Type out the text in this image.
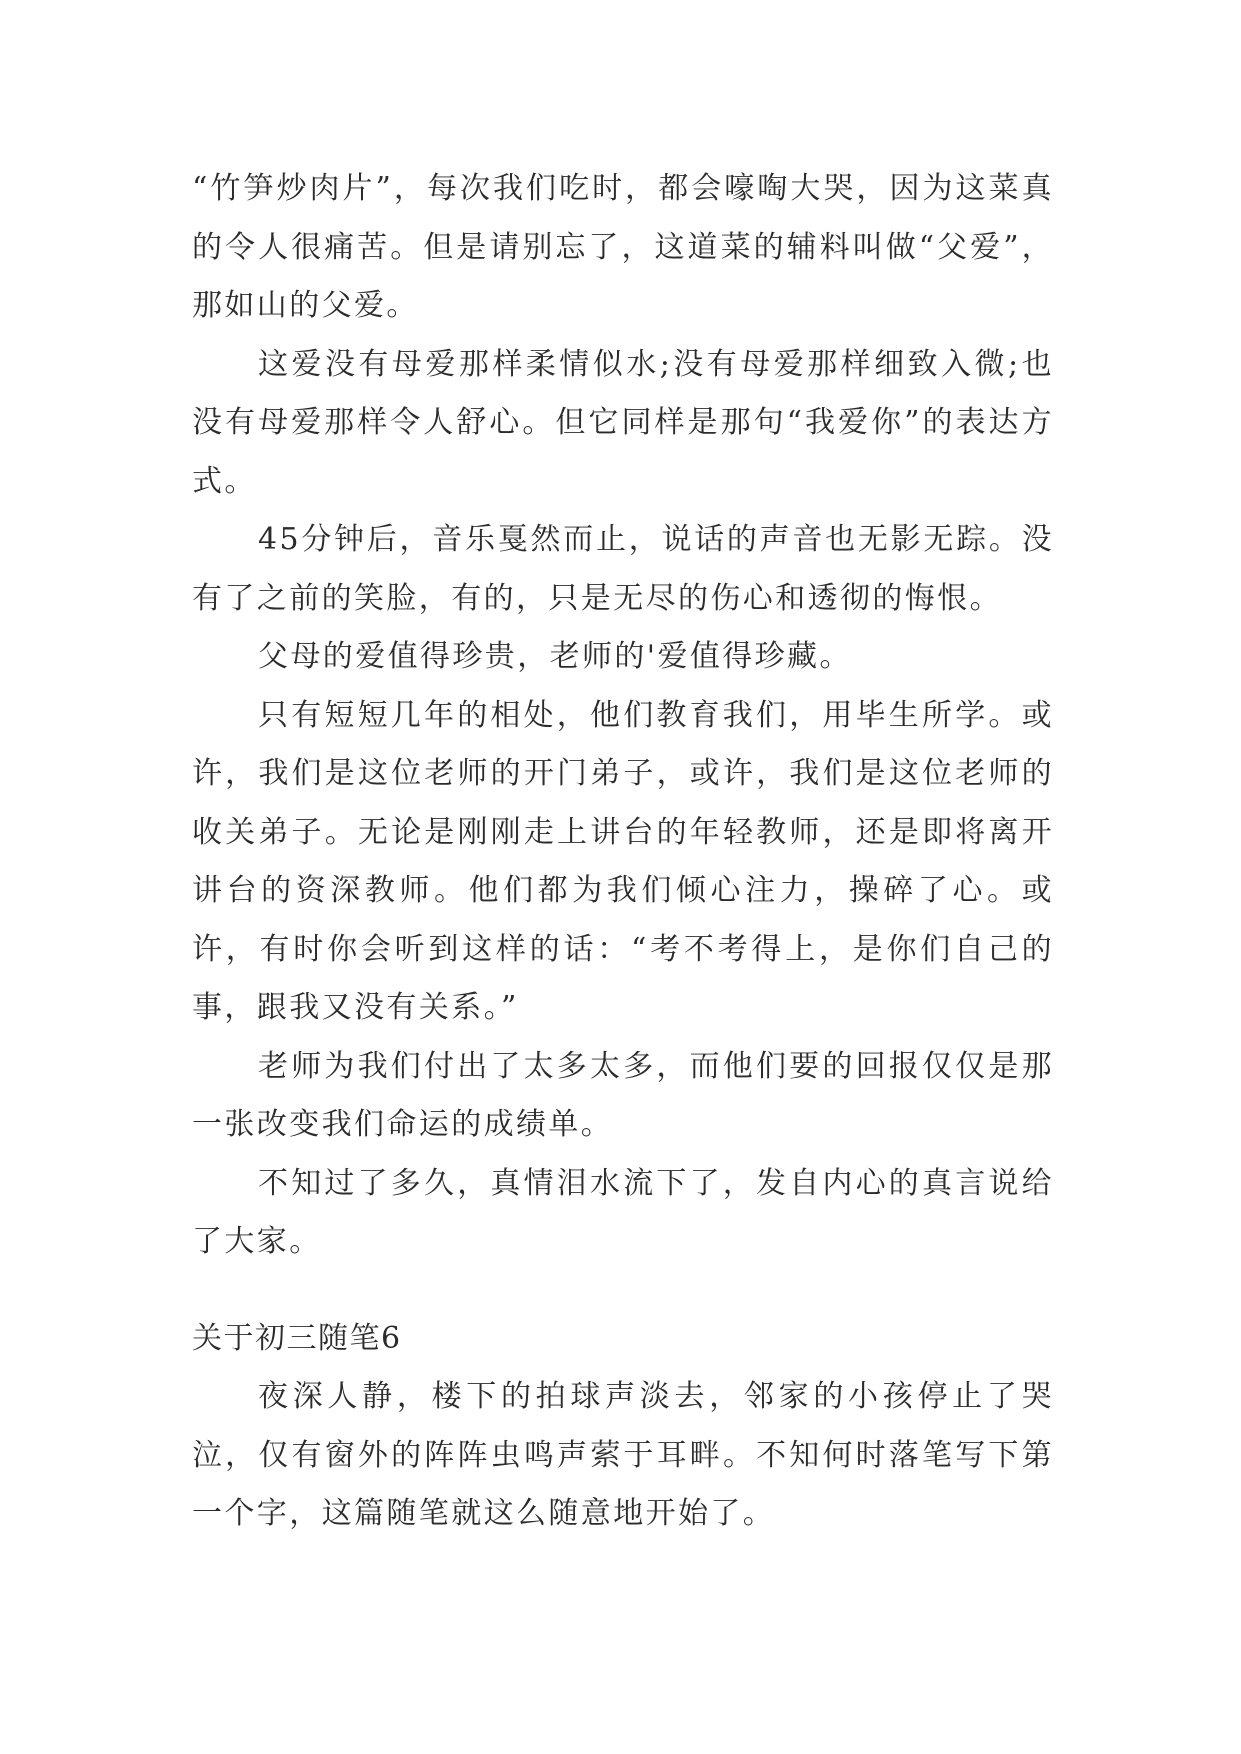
“竹笋炒肉片”，每次我们吃时，都会嚎啕大哭，因为这菜真的令人很痛苦。但是请别忘了，这道菜的辅料叫做“父爱”，那如山的父爱。

这爱没有母爱那样柔情似水;没有母爱那样细致入微;也没有母爱那样令人舒心。但它同样是那句“我爱你”的表达方式。

45分钟后，音乐戛然而止，说话的声音也无影无踪。没有了之前的笑脸，有的，只是无尽的伤心和透彻的悔恨。

父母的爱值得珍贵，老师的'爱值得珍藏。

只有短短几年的相处，他们教育我们，用毕生所学。或许，我们是这位老师的开门弟子，或许，我们是这位老师的收关弟子。无论是刚刚走上讲台的年轻教师，还是即将离开讲台的资深教师。他们都为我们倾心注力，操碎了心。或许，有时你会听到这样的话：“考不考得上，是你们自己的事，跟我又没有关系。”

老师为我们付出了太多太多，而他们要的回报仅仅是那一张改变我们命运的成绩单。

不知过了多久，真情泪水流下了，发自内心的真言说给了大家。

关于初三随笔6

夜深人静，楼下的拍球声淡去，邻家的小孩停止了哭泣，仅有窗外的阵阵虫鸣声萦于耳畔。不知何时落笔写下第一个字，这篇随笔就这么随意地开始了。
